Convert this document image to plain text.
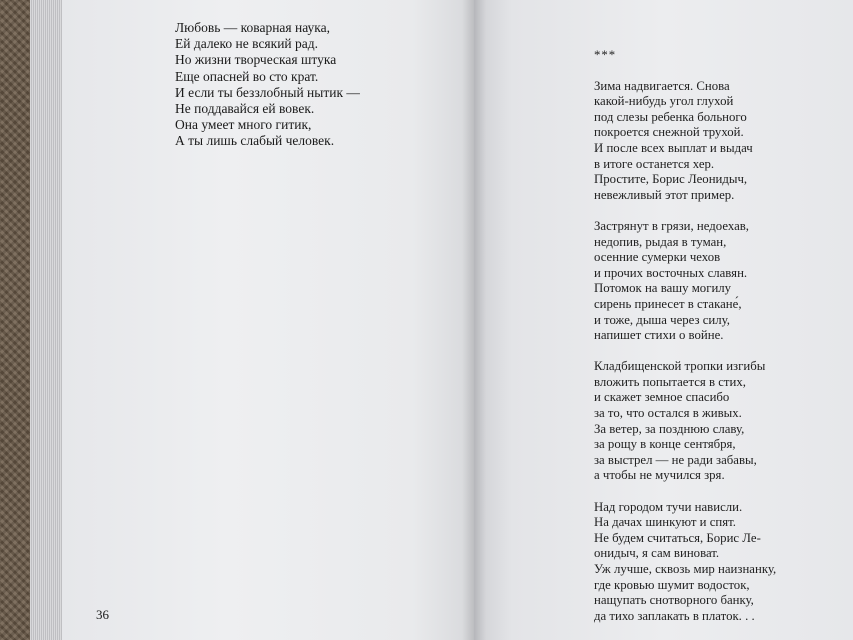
Любовь — коварная наука,
Ей далеко не всякий рад.
Но жизни творческая штука
Еще опасней во сто крат.
И если ты беззлобный нытик —
Не поддавайся ей вовек.
Она умеет много гитик,
А ты лишь слабый человек.
36
***
Зима надвигается. Снова
какой-нибудь угол глухой
под слезы ребенка больного
покроется снежной трухой.
И после всех выплат и выдач
в итоге останется хер.
Простите, Борис Леонидыч,
невежливый этот пример.
Застрянут в грязи, недоехав,
недопив, рыдая в туман,
осенние сумерки чехов
и прочих восточных славян.
Потомок на вашу могилу
сирень принесет в стакане́,
и тоже, дыша через силу,
напишет стихи о войне.
Кладбищенской тропки изгибы
вложить попытается в стих,
и скажет земное спасибо
за то, что остался в живых.
За ветер, за позднюю славу,
за рощу в конце сентября,
за выстрел — не ради забавы,
а чтобы не мучился зря.
Над городом тучи нависли.
На дачах шинкуют и спят.
Не будем считаться, Борис Ле-
онидыч, я сам виноват.
Уж лучше, сквозь мир наизнанку,
где кровью шумит водосток,
нащупать снотворного банку,
да тихо заплакать в платок. . .
